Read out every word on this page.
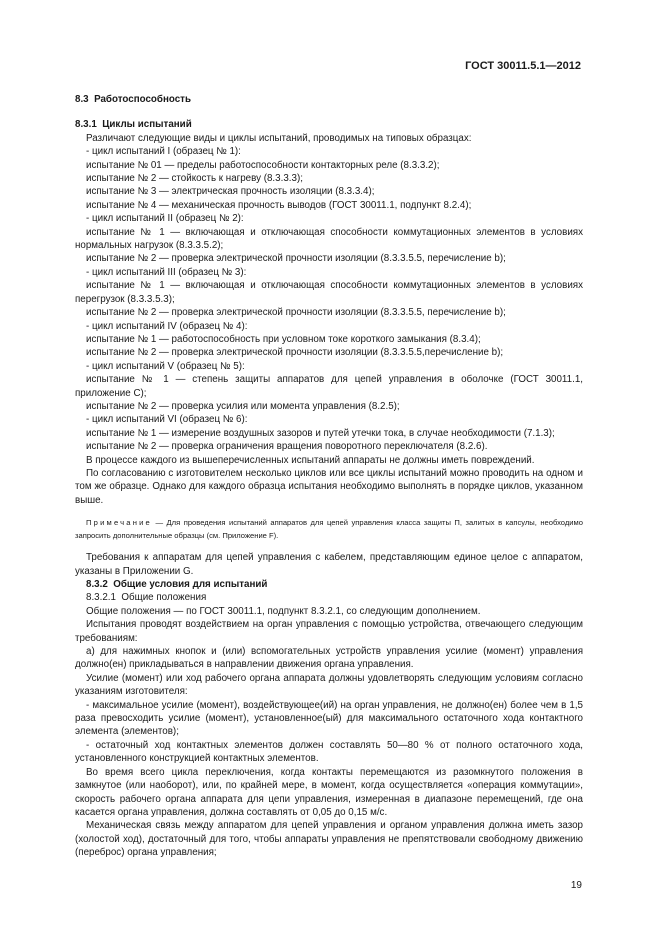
ГОСТ 30011.5.1—2012

8.3 Работоспособность

8.3.1 Циклы испытаний

Различают следующие виды и циклы испытаний, проводимых на типовых образцах:

- цикл испытаний I (образец № 1):

испытание № 01 — пределы работоспособности контакторных реле (8.3.3.2);

испытание № 2 — стойкость к нагреву (8.3.3.3);

испытание № 3 — электрическая прочность изоляции (8.3.3.4);

испытание № 4 — механическая прочность выводов (ГОСТ 30011.1, подпункт 8.2.4);

- цикл испытаний II (образец № 2):

испытание № 1 — включающая и отключающая способности коммутационных элементов в условиях нормальных нагрузок (8.3.3.5.2);

испытание № 2 — проверка электрической прочности изоляции (8.3.3.5.5, перечисление b);

- цикл испытаний III (образец № 3):

испытание № 1 — включающая и отключающая способности коммутационных элементов в условиях перегрузок (8.3.3.5.3);

испытание № 2 — проверка электрической прочности изоляции (8.3.3.5.5, перечисление b);

- цикл испытаний IV (образец № 4):

испытание № 1 — работоспособность при условном токе короткого замыкания (8.3.4);

испытание № 2 — проверка электрической прочности изоляции (8.3.3.5.5,перечисление b);

- цикл испытаний V (образец № 5):

испытание № 1 — степень защиты аппаратов для цепей управления в оболочке (ГОСТ 30011.1, приложение С);

испытание № 2 — проверка усилия или момента управления (8.2.5);

- цикл испытаний VI (образец № 6):

испытание № 1 — измерение воздушных зазоров и путей утечки тока, в случае необходимости (7.1.3);

испытание № 2 — проверка ограничения вращения поворотного переключателя (8.2.6).

В процессе каждого из вышеперечисленных испытаний аппараты не должны иметь повреждений.

По согласованию с изготовителем несколько циклов или все циклы испытаний можно проводить на одном и том же образце. Однако для каждого образца испытания необходимо выполнять в порядке циклов, указанном выше.

Примечание — Для проведения испытаний аппаратов для цепей управления класса защиты П, залитых в капсулы, необходимо запросить дополнительные образцы (см. Приложение F).

Требования к аппаратам для цепей управления с кабелем, представляющим единое целое с аппаратом, указаны в Приложении G.

8.3.2 Общие условия для испытаний

8.3.2.1 Общие положения

Общие положения — по ГОСТ 30011.1, подпункт 8.3.2.1, со следующим дополнением.

Испытания проводят воздействием на орган управления с помощью устройства, отвечающего следующим требованиям:

а) для нажимных кнопок и (или) вспомогательных устройств управления усилие (момент) управления должно(ен) прикладываться в направлении движения органа управления.

Усилие (момент) или ход рабочего органа аппарата должны удовлетворять следующим условиям согласно указаниям изготовителя:

- максимальное усилие (момент), воздействующее(ий) на орган управления, не должно(ен) более чем в 1,5 раза превосходить усилие (момент), установленное(ый) для максимального остаточного хода контактного элемента (элементов);

- остаточный ход контактных элементов должен составлять 50—80 % от полного остаточного хода, установленного конструкцией контактных элементов.

Во время всего цикла переключения, когда контакты перемещаются из разомкнутого положения в замкнутое (или наоборот), или, по крайней мере, в момент, когда осуществляется «операция коммутации», скорость рабочего органа аппарата для цепи управления, измеренная в диапазоне перемещений, где она касается органа управления, должна составлять от 0,05 до 0,15 м/с.

Механическая связь между аппаратом для цепей управления и органом управления должна иметь зазор (холостой ход), достаточный для того, чтобы аппараты управления не препятствовали свободному движению (переброс) органа управления;

19
